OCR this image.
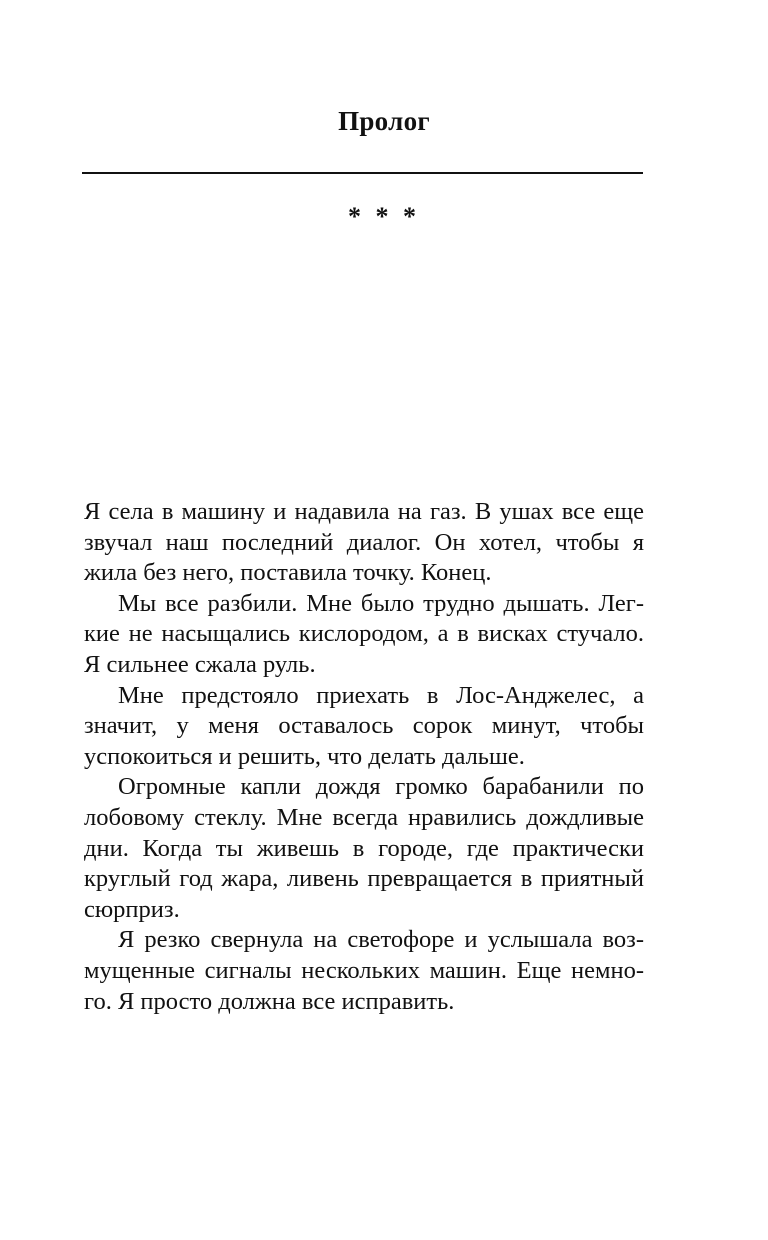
Пролог
* * *

Я села в машину и надавила на газ. В ушах все еще звучал наш последний диалог. Он хотел, чтобы я жила без него, поставила точку. Конец.

Мы все разбили. Мне было трудно дышать. Легкие не насыщались кислородом, а в висках стучало. Я сильнее сжала руль.

Мне предстояло приехать в Лос-Анджелес, а значит, у меня оставалось сорок минут, чтобы успокоиться и решить, что делать дальше.

Огромные капли дождя громко барабанили по лобовому стеклу. Мне всегда нравились дождливые дни. Когда ты живешь в городе, где практически круглый год жара, ливень превращается в приятный сюрприз.

Я резко свернула на светофоре и услышала возмущенные сигналы нескольких машин. Еще немного. Я просто должна все исправить.
